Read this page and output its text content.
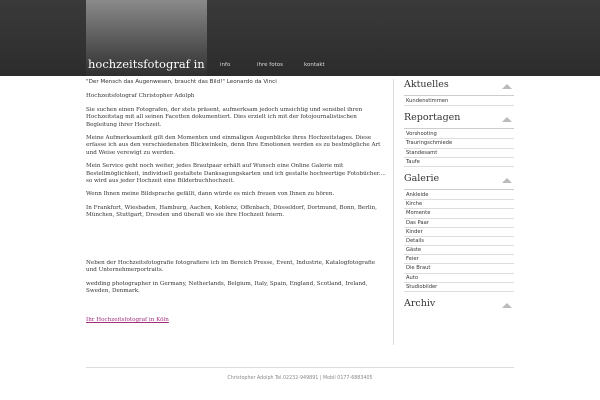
hochzeitsfotograf in	info	ihre fotos	kontakt

"Der Mensch das Augenwesen, braucht das Bild!" Leonardo da Vinci

Hochzeitsfotograf Christopher Adolph

Sie suchen einen Fotografen, der stets präsent, aufmerksam jedoch umsichtig und sensibel ihren Hochzeitstag mit all seinen Facetten dokumentiert. Dies erzielt ich mit der fotojournalistischen Begleitung ihrer Hochzeit.

Meine Aufmerksamkeit gilt den Momenten und einmaligen Augenblicke ihres Hochzeitstages. Diese erfasse ich aus den verschiedensten Blickwinkeln, denn Ihre Emotionen werden es zu bestmögliche Art und Weise verewigt zu werden.

Mein Service geht noch weiter, jedes Brautpaar erhält auf Wunsch eine Online Galerie mit Bestellmöglichkeit, individuell gestaltete Danksagungskarten und ich gestalte hochwertige Fotobücher.... so wird aus jeder Hochzeit eine Bilderbuchhochzeit.

Wenn Ihnen meine Bildsprache gefällt, dann würde es mich freuen von Ihnen zu hören.

In Frankfurt, Wiesbaden, Hamburg, Aachen, Koblenz, Offenbach, Düsseldorf, Dortmund, Bonn, Berlin, München, Stuttgart, Dresden und überall wo sie ihre Hochzeit feiern.

Neben der Hochzeitsfotografie fotografiere ich im Bereich Presse, Event, Industrie, Katalogfotografie und Unternehmerportraits.

wedding photographer in Germany, Netherlands, Belgium, Italy, Spain, England, Scotland, Ireland, Sweden, Denmark.

Ihr Hochzeitsfotograf in Köln

Aktuelles
Kundenstimmen
Reportagen
Vorshooting
Trauringschmiede
Standesamt
Taufe
Galerie
Ankleide
Kirche
Momente
Das Paar
Kinder
Details
Gäste
Feier
Die Braut
Auto
Studiobilder
Archiv
Christopher Adolph Tel.02232-949891 | Mobil 0177-6883405
